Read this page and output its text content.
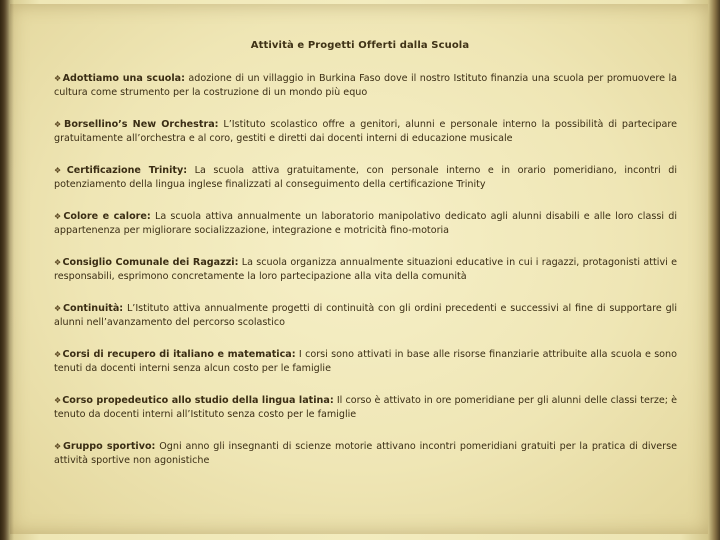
Attività e Progetti Offerti dalla Scuola
❖Adottiamo una scuola: adozione di un villaggio in Burkina Faso dove il nostro Istituto finanzia una scuola per promuovere la cultura come strumento per la costruzione di un mondo più equo
❖Borsellino’s New Orchestra: L’Istituto scolastico offre a genitori, alunni e personale interno la possibilità di partecipare gratuitamente all’orchestra e al coro, gestiti e diretti dai docenti interni di educazione musicale
❖Certificazione Trinity: La scuola attiva gratuitamente, con personale interno e in orario pomeridiano, incontri di potenziamento della lingua inglese finalizzati al conseguimento della certificazione Trinity
❖Colore e calore: La scuola attiva annualmente un laboratorio manipolativo dedicato agli alunni disabili e alle loro classi di appartenenza per migliorare socializzazione, integrazione e motricità fino-motoria
❖Consiglio Comunale dei Ragazzi: La scuola organizza annualmente situazioni educative in cui i ragazzi, protagonisti attivi e responsabili, esprimono concretamente la loro partecipazione alla vita della comunità
❖Continuità: L’Istituto attiva annualmente progetti di continuità con gli ordini precedenti e successivi al fine di supportare gli alunni nell’avanzamento del percorso scolastico
❖Corsi di recupero di italiano e matematica: I corsi sono attivati in base alle risorse finanziarie attribuite alla scuola e sono tenuti da docenti interni senza alcun costo per le famiglie
❖Corso propedeutico allo studio della lingua latina: Il corso è attivato in ore pomeridiane per gli alunni delle classi terze; è tenuto da docenti interni all’Istituto senza costo per le famiglie
❖Gruppo sportivo: Ogni anno gli insegnanti di scienze motorie attivano incontri pomeridiani gratuiti per la pratica di diverse attività sportive non agonistiche
